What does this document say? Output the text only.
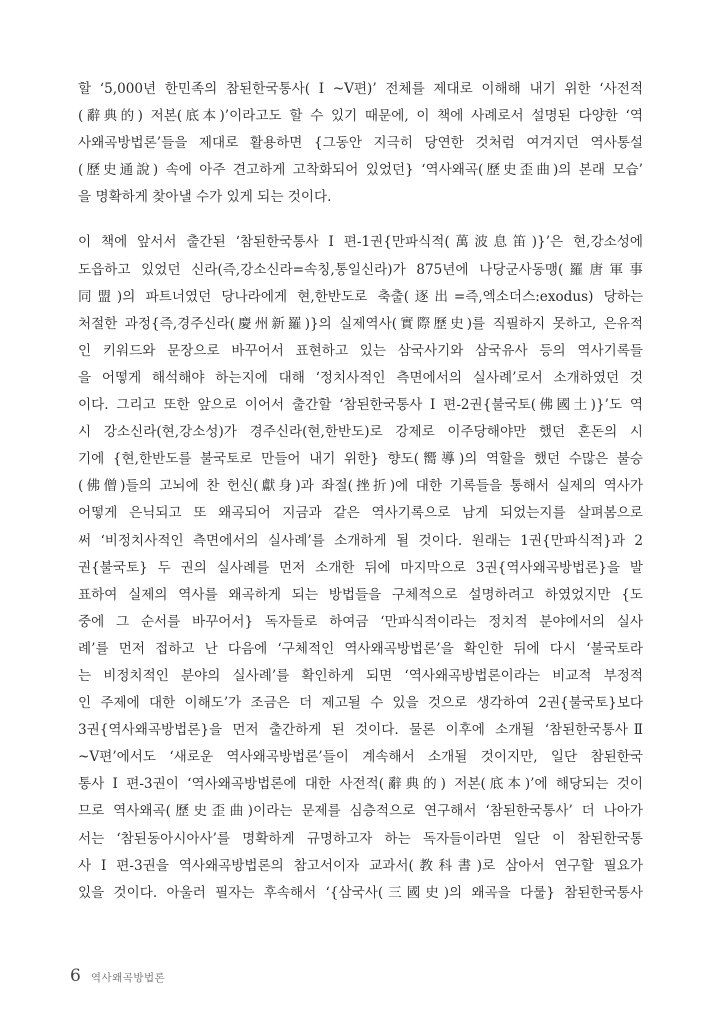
할 ‘5,000년 한민족의 참된한국통사( I ~V편)’ 전체를 제대로 이해해 내기 위한 ‘사전적
(辭典的) 저본(底本)’이라고도 할 수 있기 때문에, 이 책에 사례로서 설명된 다양한 ‘역
사왜곡방법론’들을 제대로 활용하면 {그동안 지극히 당연한 것처럼 여겨지던 역사통설
(歷史通說) 속에 아주 견고하게 고착화되어 있었던} ‘역사왜곡(歷史歪曲)의 본래 모습’
을 명확하게 찾아낼 수가 있게 되는 것이다.
이 책에 앞서서 출간된 ‘참된한국통사 I 편-1권{만파식적(萬波息笛)}’은 현,강소성에
도읍하고 있었던 신라(즉,강소신라=속칭,통일신라)가 875년에 나당군사동맹(羅唐軍事
同盟)의 파트너였던 당나라에게 현,한반도로 축출(逐出=즉,엑소더스:exodus) 당하는
처절한 과정{즉,경주신라(慶州新羅)}의 실제역사(實際歷史)를 직필하지 못하고, 은유적
인 키워드와 문장으로 바꾸어서 표현하고 있는 삼국사기와 삼국유사 등의 역사기록들
을 어떻게 해석해야 하는지에 대해 ‘정치사적인 측면에서의 실사례’로서 소개하였던 것
이다. 그리고 또한 앞으로 이어서 출간할 ‘참된한국통사 I 편-2권{불국토(佛國土)}’도 역
시 강소신라(현,강소성)가 경주신라(현,한반도)로 강제로 이주당해야만 했던 혼돈의 시
기에 {현,한반도를 불국토로 만들어 내기 위한} 향도(嚮導)의 역할을 했던 수많은 불승
(佛僧)들의 고뇌에 찬 헌신(獻身)과 좌절(挫折)에 대한 기록들을 통해서 실제의 역사가
어떻게 은닉되고 또 왜곡되어 지금과 같은 역사기록으로 남게 되었는지를 살펴봄으로
써 ‘비정치사적인 측면에서의 실사례’를 소개하게 될 것이다. 원래는 1권{만파식적}과 2
권{불국토} 두 권의 실사례를 먼저 소개한 뒤에 마지막으로 3권{역사왜곡방법론}을 발
표하여 실제의 역사를 왜곡하게 되는 방법들을 구체적으로 설명하려고 하였었지만 {도
중에 그 순서를 바꾸어서} 독자들로 하여금 ‘만파식적이라는 정치적 분야에서의 실사
례’를 먼저 접하고 난 다음에 ‘구체적인 역사왜곡방법론’을 확인한 뒤에 다시 ‘불국토라
는 비정치적인 분야의 실사례’를 확인하게 되면 ‘역사왜곡방법론이라는 비교적 부정적
인 주제에 대한 이해도’가 조금은 더 제고될 수 있을 것으로 생각하여 2권{불국토}보다
3권{역사왜곡방법론}을 먼저 출간하게 된 것이다. 물론 이후에 소개될 ‘참된한국통사Ⅱ
~V편’에서도 ‘새로운 역사왜곡방법론’들이 계속해서 소개될 것이지만, 일단 참된한국
통사 I 편-3권이 ‘역사왜곡방법론에 대한 사전적(辭典的) 저본(底本)’에 해당되는 것이
므로 역사왜곡(歷史歪曲)이라는 문제를 심층적으로 연구해서 ‘참된한국통사’ 더 나아가
서는 ‘참된동아시아사’를 명확하게 규명하고자 하는 독자들이라면 일단 이 참된한국통
사 I 편-3권을 역사왜곡방법론의 참고서이자 교과서(教科書)로 삼아서 연구할 필요가
있을 것이다. 아울러 필자는 후속해서 ‘{삼국사(三國史)의 왜곡을 다룰} 참된한국통사
6 역사왜곡방법론
